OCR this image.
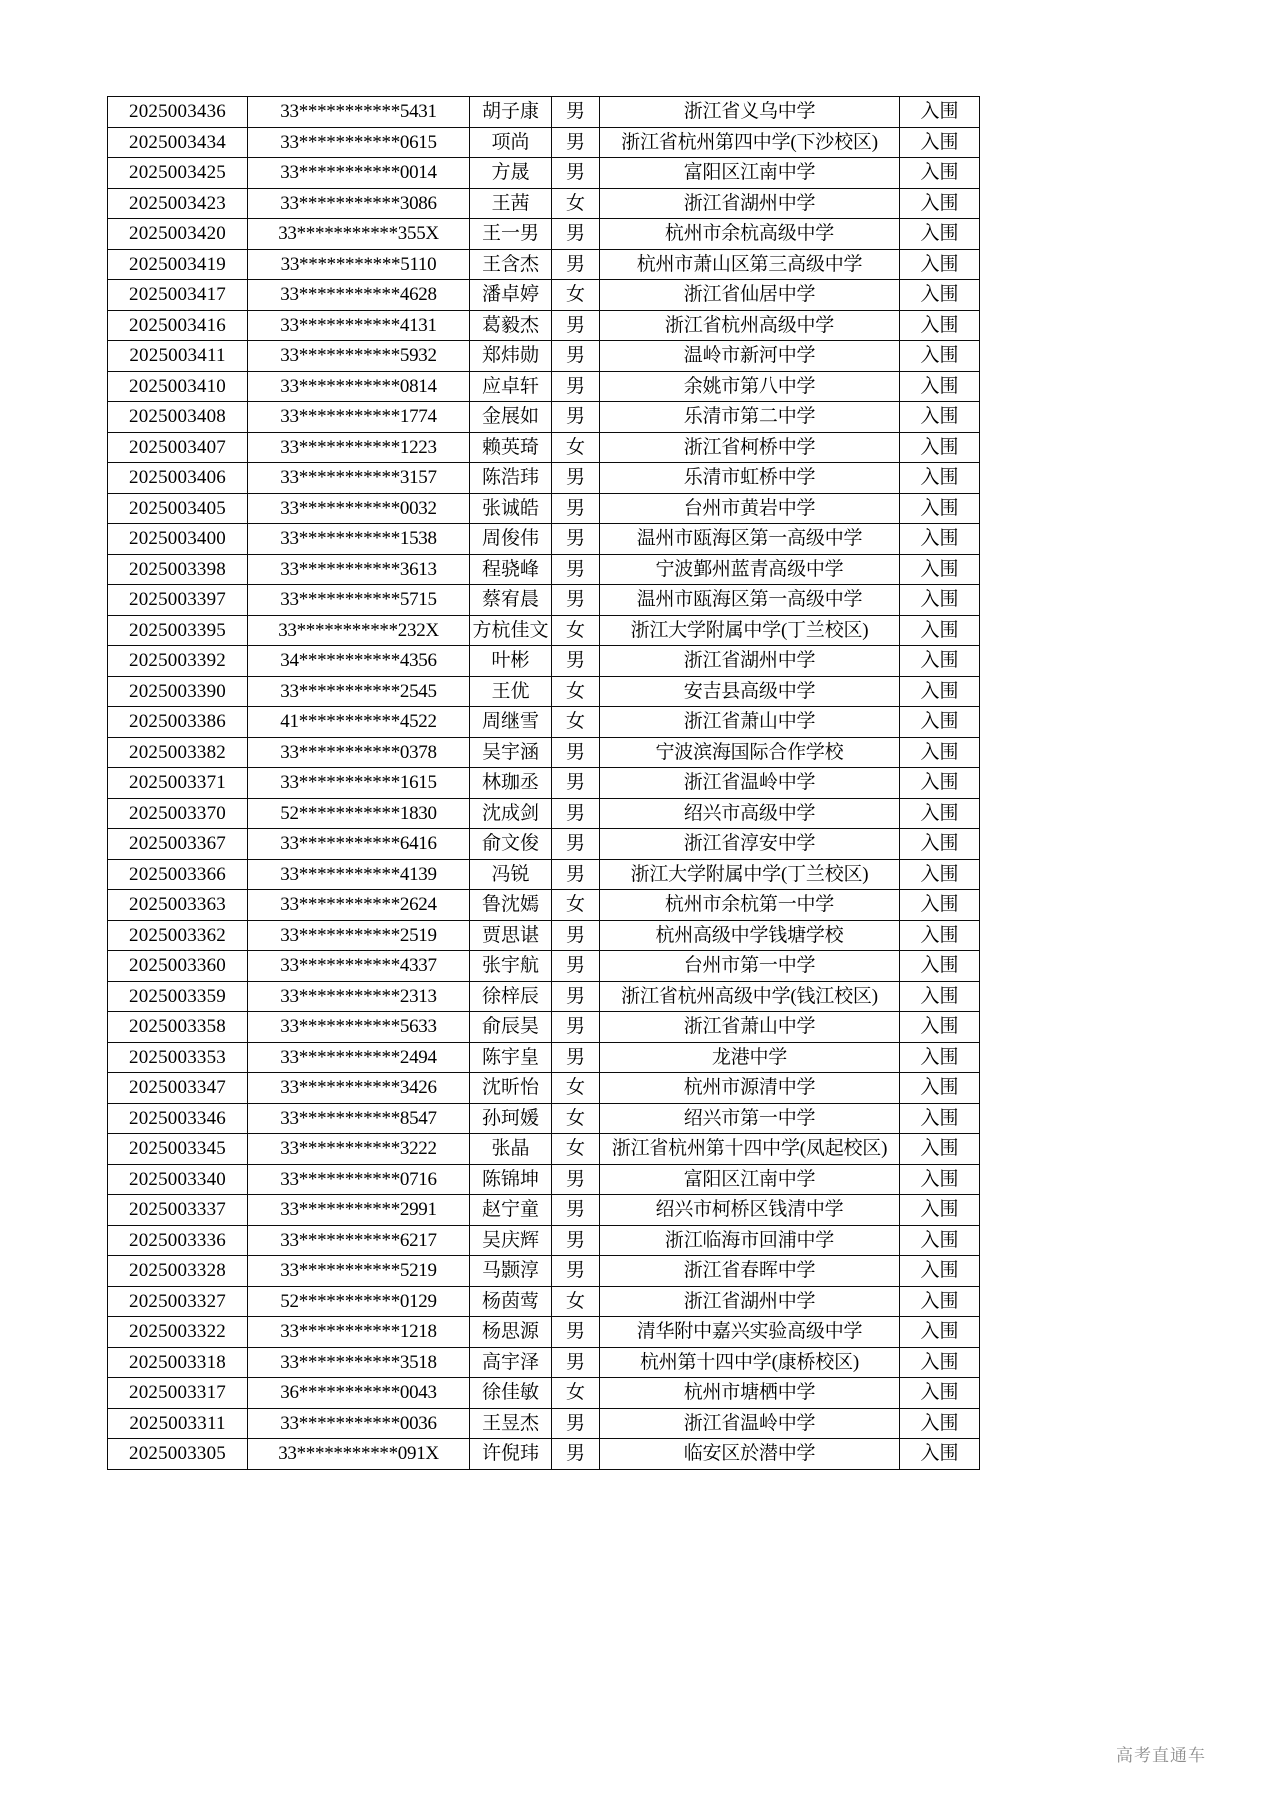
2025003436	33***********5431	胡子康	男	浙江省义乌中学	入围
2025003434	33***********0615	项尚	男	浙江省杭州第四中学(下沙校区)	入围
2025003425	33***********0014	方晟	男	富阳区江南中学	入围
2025003423	33***********3086	王茜	女	浙江省湖州中学	入围
2025003420	33***********355X	王一男	男	杭州市余杭高级中学	入围
2025003419	33***********5110	王含杰	男	杭州市萧山区第三高级中学	入围
2025003417	33***********4628	潘卓婷	女	浙江省仙居中学	入围
2025003416	33***********4131	葛毅杰	男	浙江省杭州高级中学	入围
2025003411	33***********5932	郑炜勋	男	温岭市新河中学	入围
2025003410	33***********0814	应卓轩	男	余姚市第八中学	入围
2025003408	33***********1774	金展如	男	乐清市第二中学	入围
2025003407	33***********1223	赖英琦	女	浙江省柯桥中学	入围
2025003406	33***********3157	陈浩玮	男	乐清市虹桥中学	入围
2025003405	33***********0032	张诚皓	男	台州市黄岩中学	入围
2025003400	33***********1538	周俊伟	男	温州市瓯海区第一高级中学	入围
2025003398	33***********3613	程骁峰	男	宁波鄞州蓝青高级中学	入围
2025003397	33***********5715	蔡宥晨	男	温州市瓯海区第一高级中学	入围
2025003395	33***********232X	方杭佳文	女	浙江大学附属中学(丁兰校区)	入围
2025003392	34***********4356	叶彬	男	浙江省湖州中学	入围
2025003390	33***********2545	王优	女	安吉县高级中学	入围
2025003386	41***********4522	周继雪	女	浙江省萧山中学	入围
2025003382	33***********0378	吴宇涵	男	宁波滨海国际合作学校	入围
2025003371	33***********1615	林珈丞	男	浙江省温岭中学	入围
2025003370	52***********1830	沈成剑	男	绍兴市高级中学	入围
2025003367	33***********6416	俞文俊	男	浙江省淳安中学	入围
2025003366	33***********4139	冯锐	男	浙江大学附属中学(丁兰校区)	入围
2025003363	33***********2624	鲁沈嫣	女	杭州市余杭第一中学	入围
2025003362	33***********2519	贾思谌	男	杭州高级中学钱塘学校	入围
2025003360	33***********4337	张宇航	男	台州市第一中学	入围
2025003359	33***********2313	徐梓辰	男	浙江省杭州高级中学(钱江校区)	入围
2025003358	33***********5633	俞辰昊	男	浙江省萧山中学	入围
2025003353	33***********2494	陈宇皇	男	龙港中学	入围
2025003347	33***********3426	沈昕怡	女	杭州市源清中学	入围
2025003346	33***********8547	孙珂媛	女	绍兴市第一中学	入围
2025003345	33***********3222	张晶	女	浙江省杭州第十四中学(凤起校区)	入围
2025003340	33***********0716	陈锦坤	男	富阳区江南中学	入围
2025003337	33***********2991	赵宁童	男	绍兴市柯桥区钱清中学	入围
2025003336	33***********6217	吴庆辉	男	浙江临海市回浦中学	入围
2025003328	33***********5219	马颢淳	男	浙江省春晖中学	入围
2025003327	52***********0129	杨茵莺	女	浙江省湖州中学	入围
2025003322	33***********1218	杨思源	男	清华附中嘉兴实验高级中学	入围
2025003318	33***********3518	高宇泽	男	杭州第十四中学(康桥校区)	入围
2025003317	36***********0043	徐佳敏	女	杭州市塘栖中学	入围
2025003311	33***********0036	王昱杰	男	浙江省温岭中学	入围
2025003305	33***********091X	许倪玮	男	临安区於潜中学	入围
高考直通车
